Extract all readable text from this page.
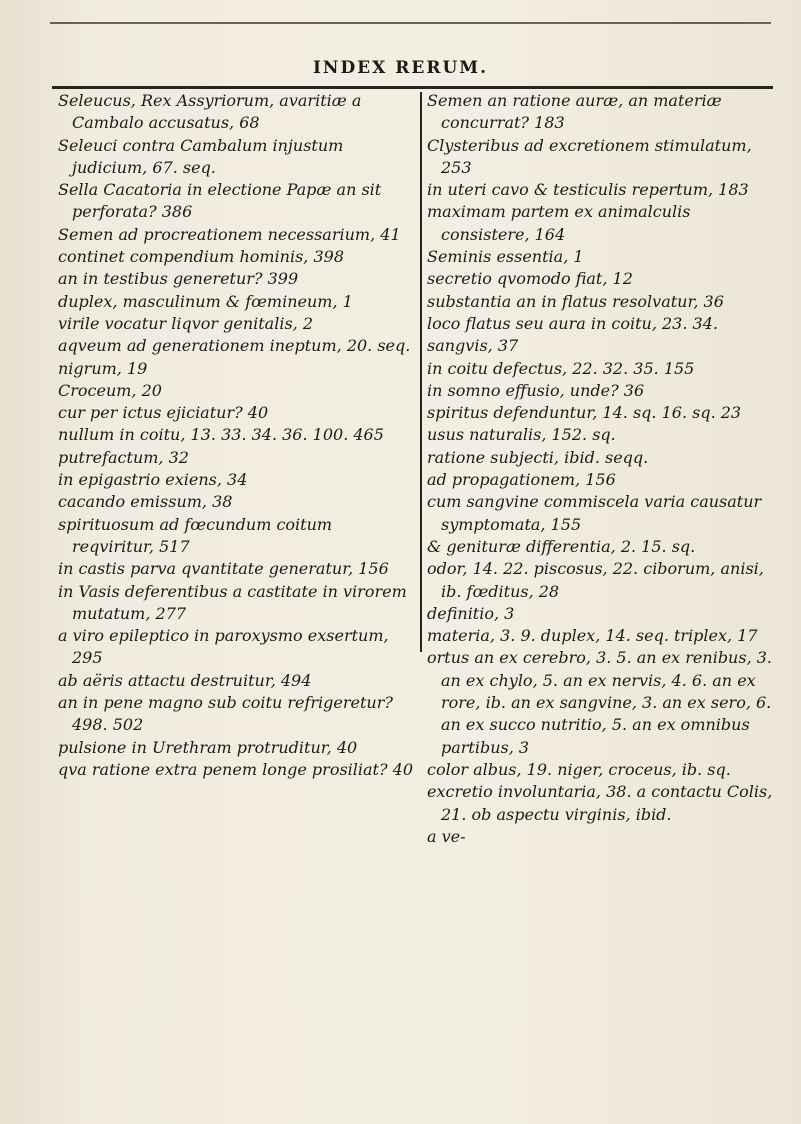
INDEX RERUM.

Seleucus, Rex Assyriorum, avaritiæ a Cambalo accusatus, 68

Seleuci contra Cambalum injustum judicium, 67. seq.

Sella Cacatoria in electione Papæ an sit perforata? 386

Semen ad procreationem necessarium, 41

continet compendium hominis, 398

an in testibus generetur? 399

duplex, masculinum & fœmineum, 1

virile vocatur liqvor genitalis, 2

aqveum ad generationem ineptum, 20. seq.

nigrum, 19

Croceum, 20

cur per ictus ejiciatur? 40

nullum in coitu, 13. 33. 34. 36. 100. 465

putrefactum, 32

in epigastrio exiens, 34

cacando emissum, 38

spirituosum ad fœcundum coitum reqviritur, 517

in castis parva qvantitate generatur, 156

in Vasis deferentibus a castitate in virorem mutatum, 277

a viro epileptico in paroxysmo exsertum, 295

ab aëris attactu destruitur, 494

an in pene magno sub coitu refrigeretur? 498. 502

pulsione in Urethram protruditur, 40

qva ratione extra penem longe prosiliat? 40

Semen an ratione auræ, an materiæ concurrat? 183

Clysteribus ad excretionem stimulatum, 253

in uteri cavo & testiculis repertum, 183

maximam partem ex animalculis consistere, 164

Seminis essentia, 1

secretio qvomodo fiat, 12

substantia an in flatus resolvatur, 36

loco flatus seu aura in coitu, 23. 34.

sangvis, 37

in coitu defectus, 22. 32. 35. 155

in somno effusio, unde? 36

spiritus defenduntur, 14. sq. 16. sq. 23

usus naturalis, 152. sq.

ratione subjecti, ibid. seqq.

ad propagationem, 156

cum sangvine commiscela varia causatur symptomata, 155

& genituræ differentia, 2. 15. sq.

odor, 14. 22. piscosus, 22. ciborum, anisi, ib. fœditus, 28

definitio, 3

materia, 3. 9. duplex, 14. seq. triplex, 17

ortus an ex cerebro, 3. 5. an ex renibus, 3. an ex chylo, 5. an ex nervis, 4. 6. an ex rore, ib. an ex sangvine, 3. an ex sero, 6. an ex succo nutritio, 5. an ex omnibus partibus, 3

color albus, 19. niger, croceus, ib. sq.

excretio involuntaria, 38. a contactu Colis, 21. ob aspectu virginis, ibid.

a ve-
